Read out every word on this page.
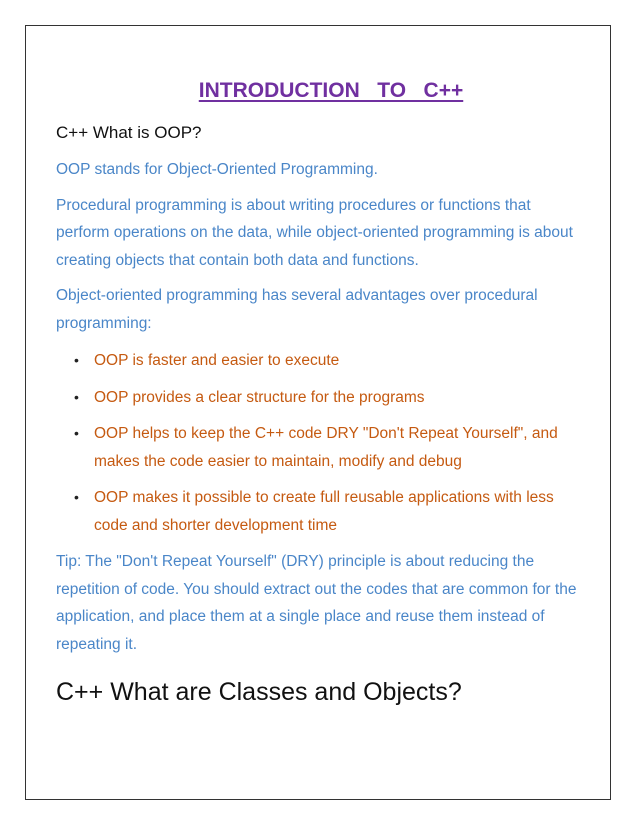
INTRODUCTION   TO   C++
C++ What is OOP?
OOP stands for Object-Oriented Programming.
Procedural programming is about writing procedures or functions that perform operations on the data, while object-oriented programming is about creating objects that contain both data and functions.
Object-oriented programming has several advantages over procedural programming:
• OOP is faster and easier to execute
• OOP provides a clear structure for the programs
• OOP helps to keep the C++ code DRY "Don't Repeat Yourself", and makes the code easier to maintain, modify and debug
• OOP makes it possible to create full reusable applications with less code and shorter development time
Tip: The "Don't Repeat Yourself" (DRY) principle is about reducing the repetition of code. You should extract out the codes that are common for the application, and place them at a single place and reuse them instead of repeating it.
C++ What are Classes and Objects?
